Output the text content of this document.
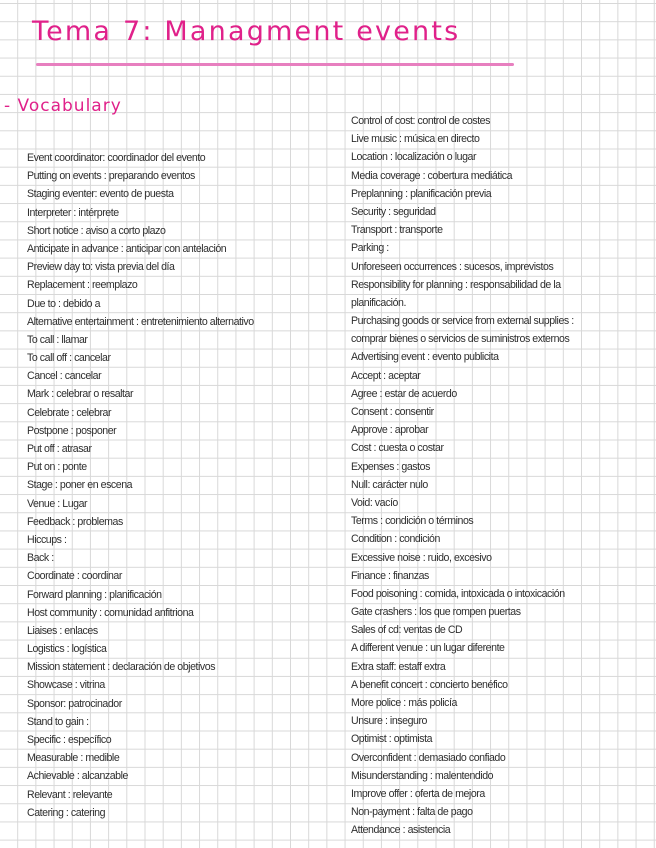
Tema 7: Managment events
- Vocabulary
Event coordinator: coordinador del evento
Putting on events : preparando eventos
Staging eventer: evento de puesta
Interpreter : intérprete
Short notice : aviso a corto plazo
Anticipate in advance : anticipar con antelación
Preview day to: vista previa del día
Replacement : reemplazo
Due to : debido a
Alternative entertainment : entretenimiento alternativo
To call : llamar
To call off : cancelar
Cancel : cancelar
Mark : celebrar o resaltar
Celebrate : celebrar
Postpone : posponer
Put off : atrasar
Put on : ponte
Stage : poner en escena
Venue : Lugar
Feedback : problemas
Hiccups :
Back :
Coordinate : coordinar
Forward planning : planificación
Host community : comunidad anfitriona
Liaises : enlaces
Logistics : logística
Mission statement : declaración de objetivos
Showcase : vitrina
Sponsor: patrocinador
Stand to gain :
Specific : específico
Measurable : medible
Achievable : alcanzable
Relevant : relevante
Catering : catering
Control of cost: control de costes
Live music : música en directo
Location : localización o lugar
Media coverage : cobertura mediática
Preplanning : planificación previa
Security : seguridad
Transport : transporte
Parking :
Unforeseen occurrences : sucesos, imprevistos
Responsibility for planning : responsabilidad de la
planificación.
Purchasing goods or service from external supplies :
comprar bienes o servicios de suministros externos
Advertising event : evento publicita
Accept : aceptar
Agree : estar de acuerdo
Consent : consentir
Approve : aprobar
Cost : cuesta o costar
Expenses : gastos
Null: carácter nulo
Void: vacío
Terms : condición o términos
Condition : condición
Excessive noise : ruido, excesivo
Finance : finanzas
Food poisoning : comida, intoxicada o intoxicación
Gate crashers : los que rompen puertas
Sales of cd: ventas de CD
A different venue : un lugar diferente
Extra staff: estaff extra
A benefit concert : concierto benéfico
More police : más policía
Unsure : inseguro
Optimist : optimista
Overconfident : demasiado confiado
Misunderstanding : malentendido
Improve offer : oferta de mejora
Non-payment : falta de pago
Attendance : asistencia
